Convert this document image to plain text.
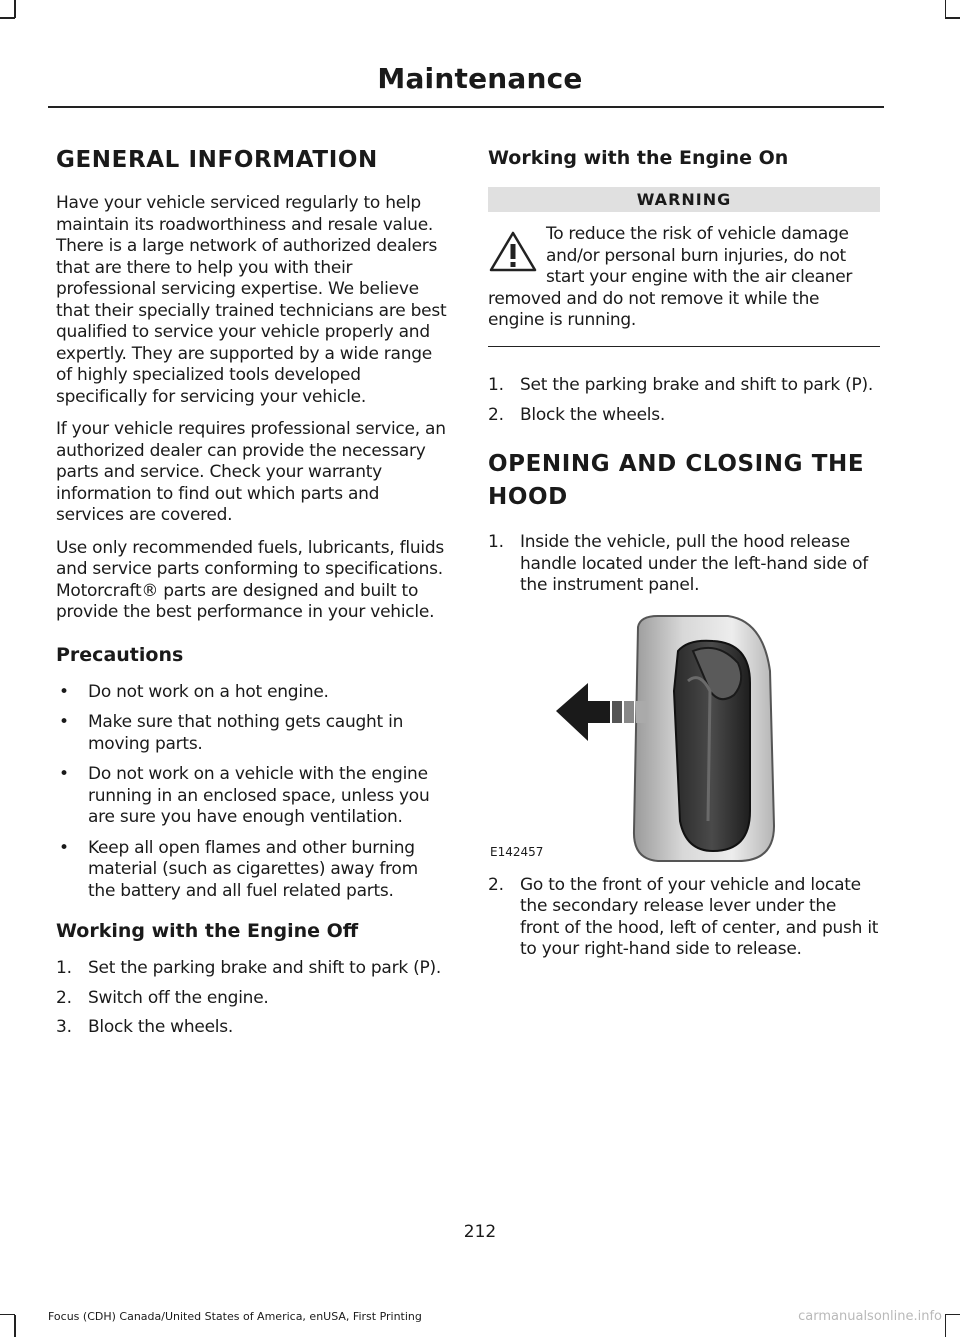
Maintenance
GENERAL INFORMATION

Have your vehicle serviced regularly to help maintain its roadworthiness and resale value. There is a large network of authorized dealers that are there to help you with their professional servicing expertise. We believe that their specially trained technicians are best qualified to service your vehicle properly and expertly. They are supported by a wide range of highly specialized tools developed specifically for servicing your vehicle.

If your vehicle requires professional service, an authorized dealer can provide the necessary parts and service. Check your warranty information to find out which parts and services are covered.

Use only recommended fuels, lubricants, fluids and service parts conforming to specifications. Motorcraft® parts are designed and built to provide the best performance in your vehicle.

Precautions
• Do not work on a hot engine.
• Make sure that nothing gets caught in moving parts.
• Do not work on a vehicle with the engine running in an enclosed space, unless you are sure you have enough ventilation.
• Keep all open flames and other burning material (such as cigarettes) away from the battery and all fuel related parts.
Working with the Engine Off
1. Set the parking brake and shift to park (P).
2. Switch off the engine.
3. Block the wheels.
Working with the Engine On
WARNING
To reduce the risk of vehicle damage and/or personal burn injuries, do not start your engine with the air cleaner removed and do not remove it while the engine is running.
1. Set the parking brake and shift to park (P).
2. Block the wheels.
OPENING AND CLOSING THE HOOD
1. Inside the vehicle, pull the hood release handle located under the left-hand side of the instrument panel.
E142457
2. Go to the front of your vehicle and locate the secondary release lever under the front of the hood, left of center, and push it to your right-hand side to release.
212
Focus (CDH) Canada/United States of America, enUSA, First Printing	carmanualsonline.info
